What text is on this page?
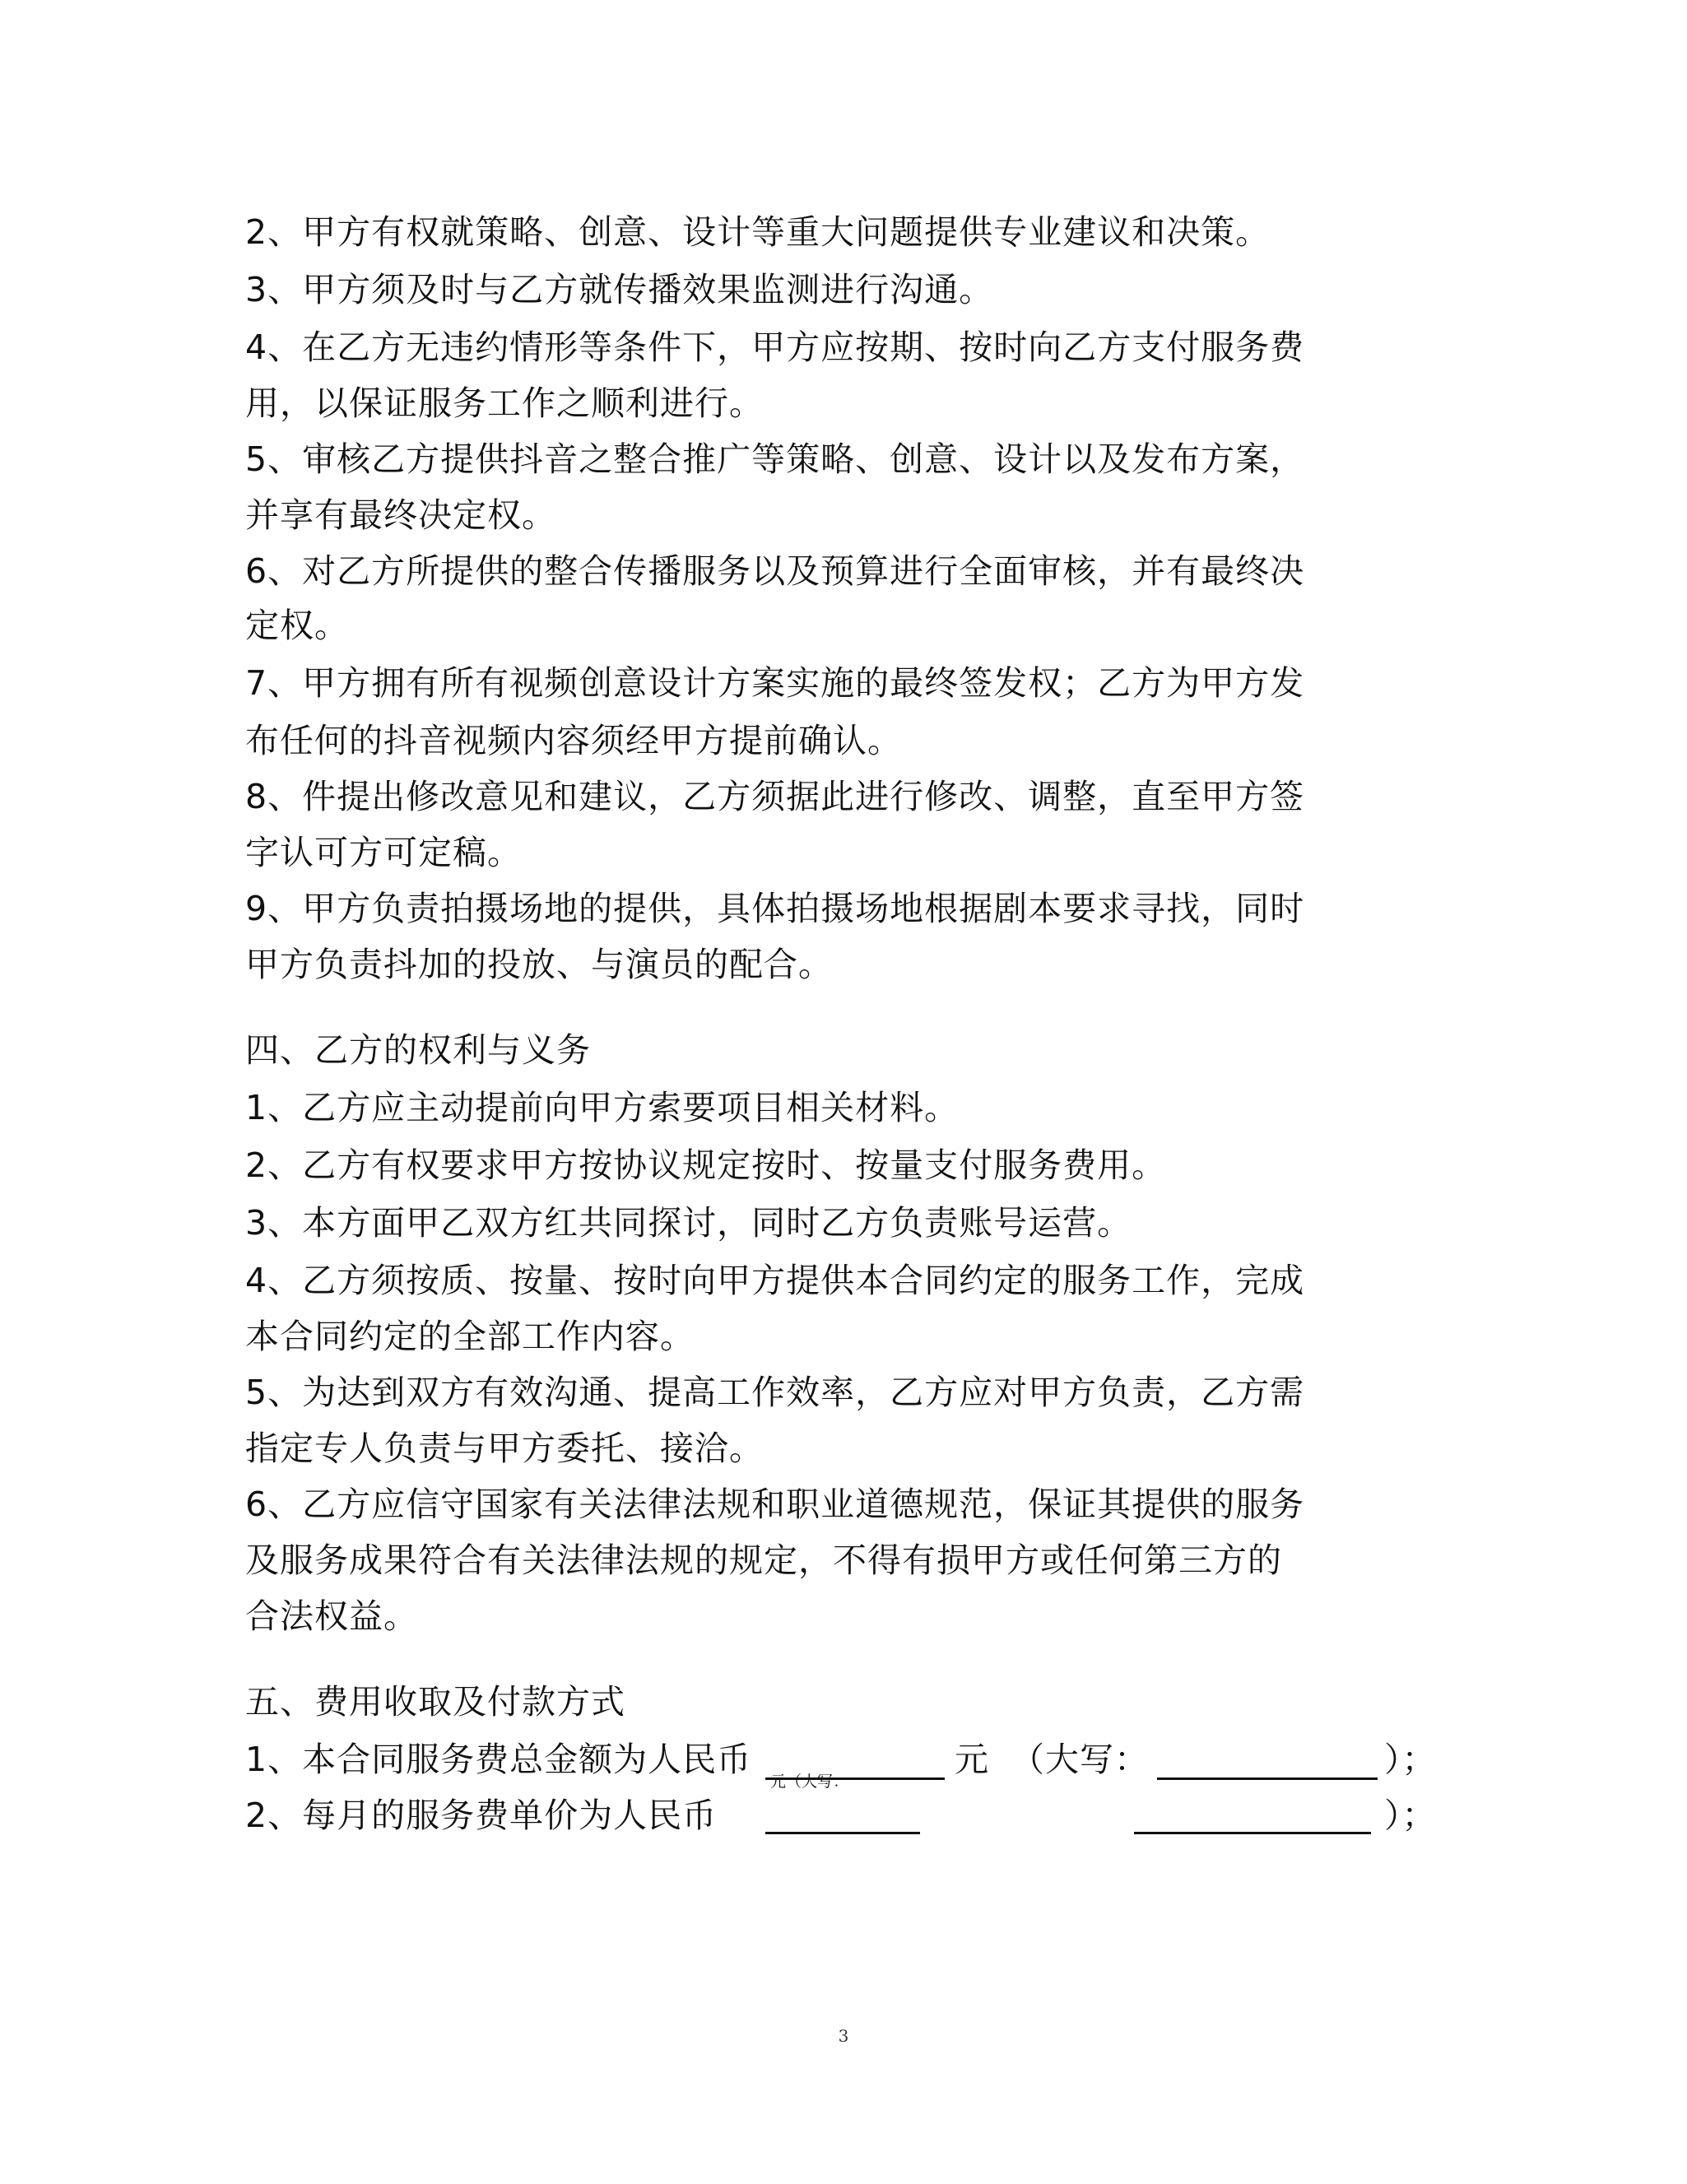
2、甲方有权就策略、创意、设计等重大问题提供专业建议和决策。
3、甲方须及时与乙方就传播效果监测进行沟通。
4、在乙方无违约情形等条件下，甲方应按期、按时向乙方支付服务费
用，以保证服务工作之顺利进行。
5、审核乙方提供抖音之整合推广等策略、创意、设计以及发布方案，
并享有最终决定权。
6、对乙方所提供的整合传播服务以及预算进行全面审核，并有最终决
定权。
7、甲方拥有所有视频创意设计方案实施的最终签发权；乙方为甲方发
布任何的抖音视频内容须经甲方提前确认。
8、件提出修改意见和建议，乙方须据此进行修改、调整，直至甲方签
字认可方可定稿。
9、甲方负责拍摄场地的提供，具体拍摄场地根据剧本要求寻找，同时
甲方负责抖加的投放、与演员的配合。
四、乙方的权利与义务
1、乙方应主动提前向甲方索要项目相关材料。
2、乙方有权要求甲方按协议规定按时、按量支付服务费用。
3、本方面甲乙双方红共同探讨，同时乙方负责账号运营。
4、乙方须按质、按量、按时向甲方提供本合同约定的服务工作，完成
本合同约定的全部工作内容。
5、为达到双方有效沟通、提高工作效率，乙方应对甲方负责，乙方需
指定专人负责与甲方委托、接洽。
6、乙方应信守国家有关法律法规和职业道德规范，保证其提供的服务
及服务成果符合有关法律法规的规定，不得有损甲方或任何第三方的
合法权益。
五、费用收取及付款方式
1、本合同服务费总金额为人民币
元（大写：
元 （大写：	）；
2、每月的服务费单价为人民币	）；
3
